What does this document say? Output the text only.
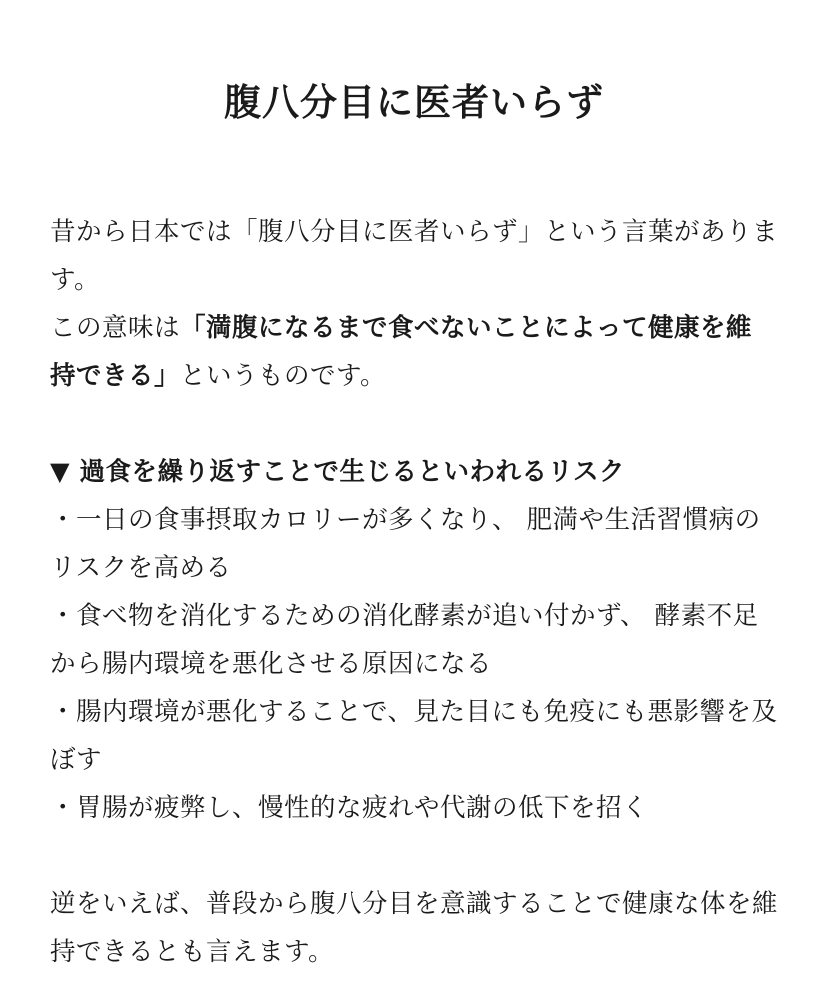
腹八分目に医者いらず

昔から日本では「腹八分目に医者いらず」という言葉があります。

この意味は「満腹になるまで食べないことによって健康を維持できる」というものです。

▼ 過食を繰り返すことで生じるといわれるリスク

・一日の食事摂取カロリーが多くなり、 肥満や生活習慣病のリスクを高める
・食べ物を消化するための消化酵素が追い付かず、 酵素不足から腸内環境を悪化させる原因になる
・腸内環境が悪化することで、見た目にも免疫にも悪影響を及ぼす
・胃腸が疲弊し、慢性的な疲れや代謝の低下を招く

逆をいえば、普段から腹八分目を意識することで健康な体を維持できるとも言えます。
